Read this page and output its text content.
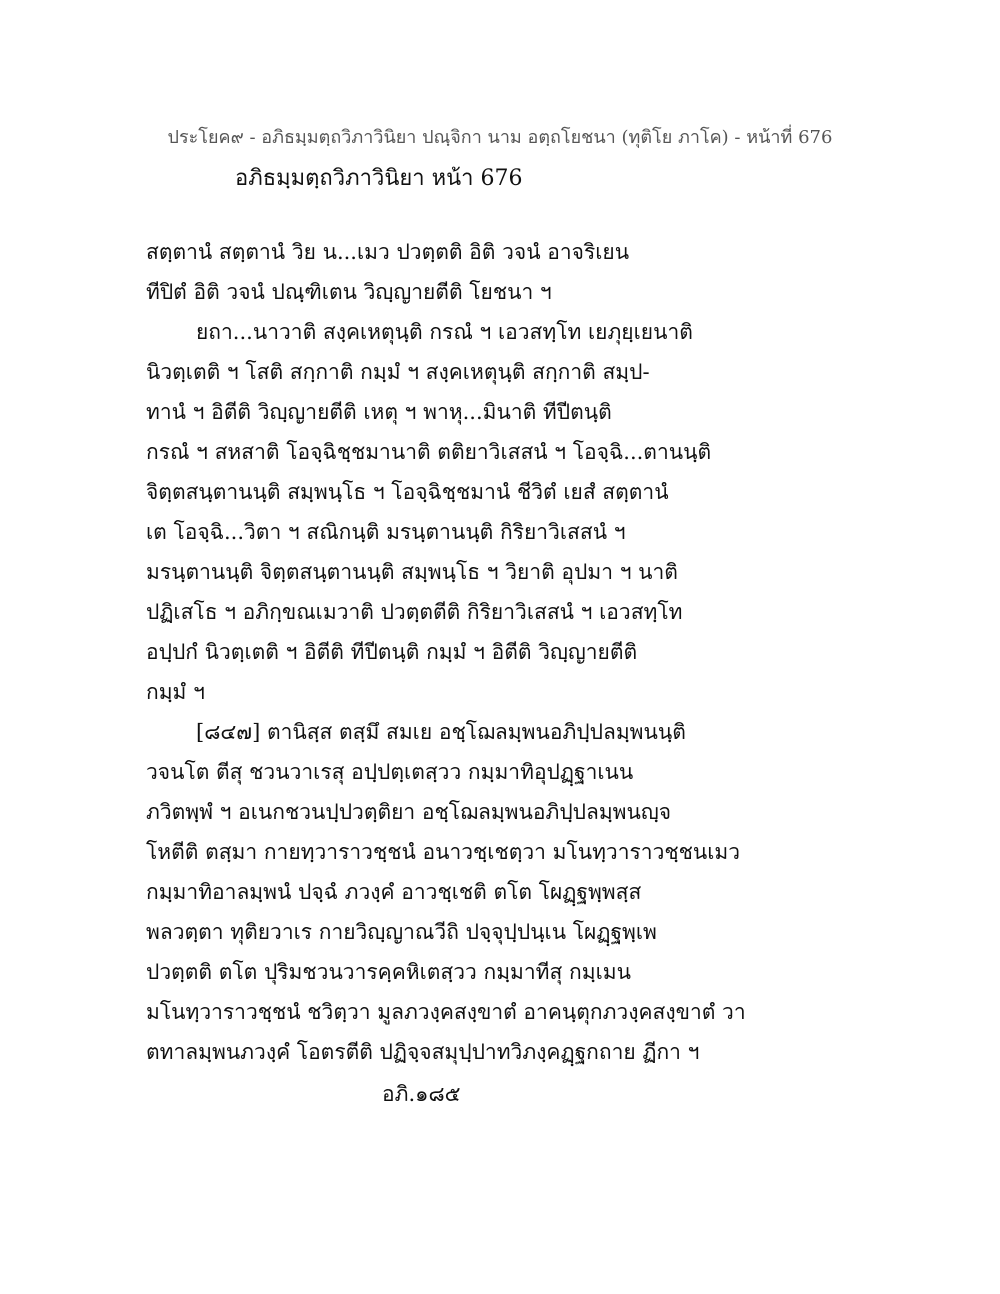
ประโยค๙ - อภิธมฺมตฺถวิภาวินิยา ปณฺจิกา นาม อตฺถโยชนา (ทุติโย ภาโค) - หน้าที่ 676
อภิธมฺมตฺถวิภาวินิยา หน้า 676
สตฺตานํ สตฺตานํ วิย น...เมว ปวตฺตติ อิติ วจนํ อาจริเยน
ทีปิตํ อิติ วจนํ ปณฺฑิเตน วิญฺญายตีติ โยชนา ฯ
ยถา...นาวาติ สงฺคเหตุนฺติ กรณํ ฯ เอวสทฺโท เยภุยฺเยนาติ
นิวตฺเตติ ฯ โสติ สกฺกาติ กมฺมํ ฯ สงฺคเหตุนฺติ สกฺกาติ สมฺป-
ทานํ ฯ อิตีติ วิญฺญายตีติ เหตุ ฯ พาหุ...มินาติ ทีปีตนฺติ
กรณํ ฯ สหสาติ โอจฺฉิชฺชมานาติ ตติยาวิเสสนํ ฯ โอจฺฉิ...ตานนฺติ
จิตฺตสนฺตานนฺติ สมฺพนฺโธ ฯ โอจฺฉิชฺชมานํ ชีวิตํ เยสํ สตฺตานํ
เต โอจฺฉิ...วิตา ฯ สณิกนฺติ มรนฺตานนฺติ กิริยาวิเสสนํ ฯ
มรนฺตานนฺติ จิตฺตสนฺตานนฺติ สมฺพนฺโธ ฯ วิยาติ อุปมา ฯ นาติ
ปฏิเสโธ ฯ อภิกฺขณเมวาติ ปวตฺตตีติ กิริยาวิเสสนํ ฯ เอวสทฺโท
อปฺปกํ นิวตฺเตติ ฯ อิตีติ ทีปีตนฺติ กมฺมํ ฯ อิตีติ วิญฺญายตีติ
กมฺมํ ฯ
[๘๔๗] ตานิสฺส ตสฺมึ สมเย อชฺโฌลมฺพนอภิปฺปลมฺพนนฺติ
วจนโต ตีสุ ชวนวาเรสุ อปฺปตฺเตสฺวว กมฺมาทิอุปฏฺฐาเนน
ภวิตพฺพํ ฯ อเนกชวนปฺปวตฺติยา อชฺโฌลมฺพนอภิปฺปลมฺพนญฺจ
โหตีติ ตสฺมา กายทฺวาราวชฺชนํ อนาวชฺเชตฺวา มโนทฺวาราวชฺชนเมว
กมฺมาทิอาลมฺพนํ ปจฺฉํ ภวงฺคํ อาวชฺเชติ ตโต โผฏฺฐพฺพสฺส
พลวตฺตา ทุติยวาเร กายวิญฺญาณวีถิ ปจฺจุปฺปนฺเน โผฏฺฐพฺเพ
ปวตฺตติ ตโต ปุริมชวนวารคฺคหิเตสฺวว กมฺมาทีสุ กมฺเมน
มโนทฺวาราวชฺชนํ ชวิตฺวา มูลภวงฺคสงฺขาตํ อาคนฺตุกภวงฺคสงฺขาตํ วา
ตทาลมฺพนภวงฺคํ โอตรตีติ ปฏิจฺจสมุปฺปาทวิภงฺคฏฺฐกถาย ฏีกา ฯ
อภิ.๑๘๕
